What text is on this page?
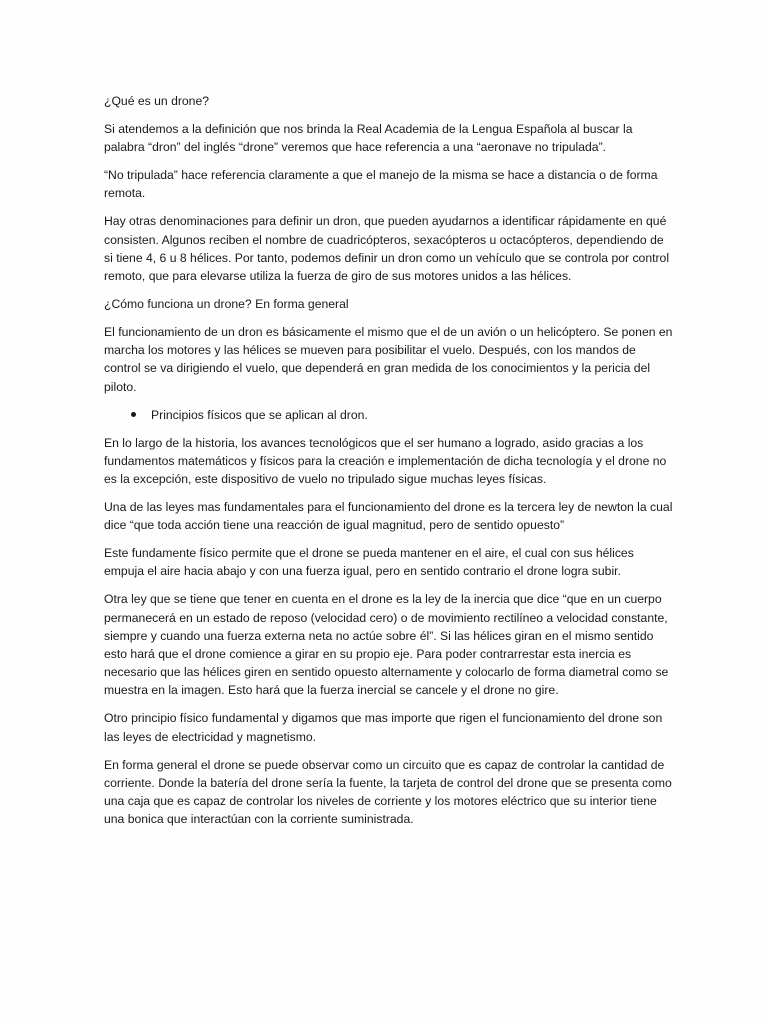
¿Qué es un drone?

Si atendemos a la definición que nos brinda la Real Academia de la Lengua Española al buscar la palabra “dron” del inglés “drone” veremos que hace referencia a una “aeronave no tripulada”.

“No tripulada” hace referencia claramente a que el manejo de la misma se hace a distancia o de forma remota.

Hay otras denominaciones para definir un dron, que pueden ayudarnos a identificar rápidamente en qué consisten. Algunos reciben el nombre de cuadricópteros, sexacópteros u octacópteros, dependiendo de si tiene 4, 6 u 8 hélices. Por tanto, podemos definir un dron como un vehículo que se controla por control remoto, que para elevarse utiliza la fuerza de giro de sus motores unidos a las hélices.

¿Cómo funciona un drone? En forma general

El funcionamiento de un dron es básicamente el mismo que el de un avión o un helicóptero. Se ponen en marcha los motores y las hélices se mueven para posibilitar el vuelo. Después, con los mandos de control se va dirigiendo el vuelo, que dependerá en gran medida de los conocimientos y la pericia del piloto.

Principios físicos que se aplican al dron.

En lo largo de la historia, los avances tecnológicos que el ser humano a logrado, asido gracias a los fundamentos matemáticos y físicos para la creación e implementación de dicha tecnología y el drone no es la excepción, este dispositivo de vuelo no tripulado sigue muchas leyes físicas.

Una de las leyes mas fundamentales para el funcionamiento del drone es la tercera ley de newton la cual dice “que toda acción tiene una reacción de igual magnitud, pero de sentido opuesto”

Este fundamente físico permite que el drone se pueda mantener en el aire, el cual con sus hélices empuja el aire hacia abajo y con una fuerza igual, pero en sentido contrario el drone logra subir.

Otra ley que se tiene que tener en cuenta en el drone es la ley de la inercia que dice “que en un cuerpo permanecerá en un estado de reposo (velocidad cero) o de movimiento rectilíneo a velocidad constante, siempre y cuando una fuerza externa neta no actúe sobre él”. Si las hélices giran en el mismo sentido esto hará que el drone comience a girar en su propio eje. Para poder contrarrestar esta inercia es necesario que las hélices giren en sentido opuesto alternamente y colocarlo de forma diametral como se muestra en la imagen. Esto hará que la fuerza inercial se cancele y el drone no gire.

Otro principio físico fundamental y digamos que mas importe que rigen el funcionamiento del drone son las leyes de electricidad y magnetismo.

En forma general el drone se puede observar como un circuito que es capaz de controlar la cantidad de corriente. Donde la batería del drone sería la fuente, la tarjeta de control del drone que se presenta como una caja que es capaz de controlar los niveles de corriente y los motores eléctrico que su interior tiene una bonica que interactúan con la corriente suministrada.
